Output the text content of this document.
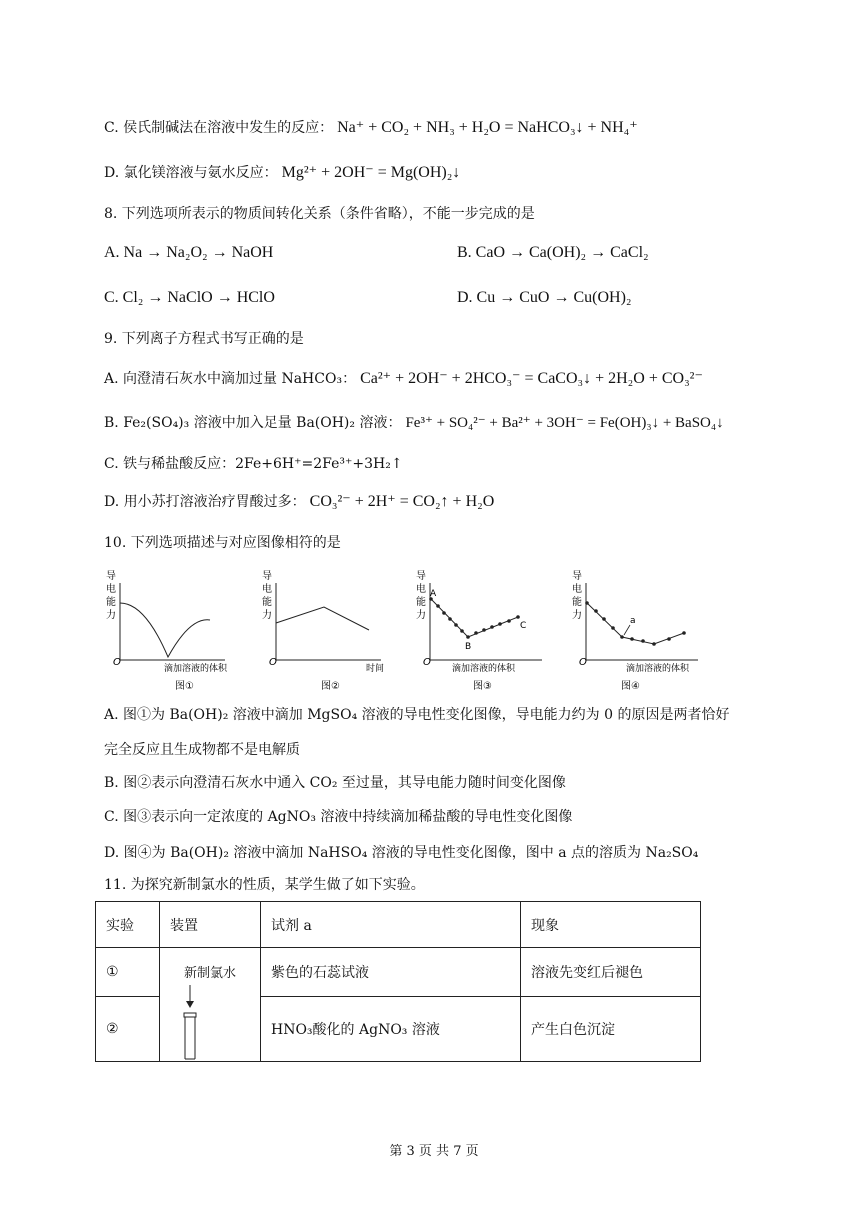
C. 侯氏制碱法在溶液中发生的反应： Na⁺ + CO₂ + NH₃ + H₂O = NaHCO₃↓ + NH₄⁺
D. 氯化镁溶液与氨水反应： Mg²⁺ + 2OH⁻ = Mg(OH)₂↓
8. 下列选项所表示的物质间转化关系（条件省略），不能一步完成的是
A. Na → Na₂O₂ → NaOH	B. CaO → Ca(OH)₂ → CaCl₂
C. Cl₂ → NaClO → HClO	D. Cu → CuO → Cu(OH)₂
9. 下列离子方程式书写正确的是
A. 向澄清石灰水中滴加过量 NaHCO₃： Ca²⁺ + 2OH⁻ + 2HCO₃⁻ = CaCO₃↓ + 2H₂O + CO₃²⁻
B. Fe₂(SO₄)₃ 溶液中加入足量 Ba(OH)₂ 溶液： Fe³⁺ + SO₄²⁻ + Ba²⁺ + 3OH⁻ = Fe(OH)₃↓ + BaSO₄↓
C. 铁与稀盐酸反应：2Fe+6H⁺=2Fe³⁺+3H₂↑
D. 用小苏打溶液治疗胃酸过多： CO₃²⁻ + 2H⁺ = CO₂↑ + H₂O
10. 下列选项描述与对应图像相符的是
导
电
能
力
O
滴加溶液的体积
图①
导
电
能
力
O
时间
图②
导
电
能
力
O
A
B
C
滴加溶液的体积
图③
导
电
能
力
O
a
滴加溶液的体积
图④
A. 图①为 Ba(OH)₂ 溶液中滴加 MgSO₄ 溶液的导电性变化图像，导电能力约为 0 的原因是两者恰好
完全反应且生成物都不是电解质
B. 图②表示向澄清石灰水中通入 CO₂ 至过量，其导电能力随时间变化图像
C. 图③表示向一定浓度的 AgNO₃ 溶液中持续滴加稀盐酸的导电性变化图像
D. 图④为 Ba(OH)₂ 溶液中滴加 NaHSO₄ 溶液的导电性变化图像，图中 a 点的溶质为 Na₂SO₄
11. 为探究新制氯水的性质，某学生做了如下实验。
实验	装置	试剂 a	现象
①	新制氯水	紫色的石蕊试液	溶液先变红后褪色
②		HNO₃酸化的 AgNO₃ 溶液	产生白色沉淀
第 3 页 共 7 页
